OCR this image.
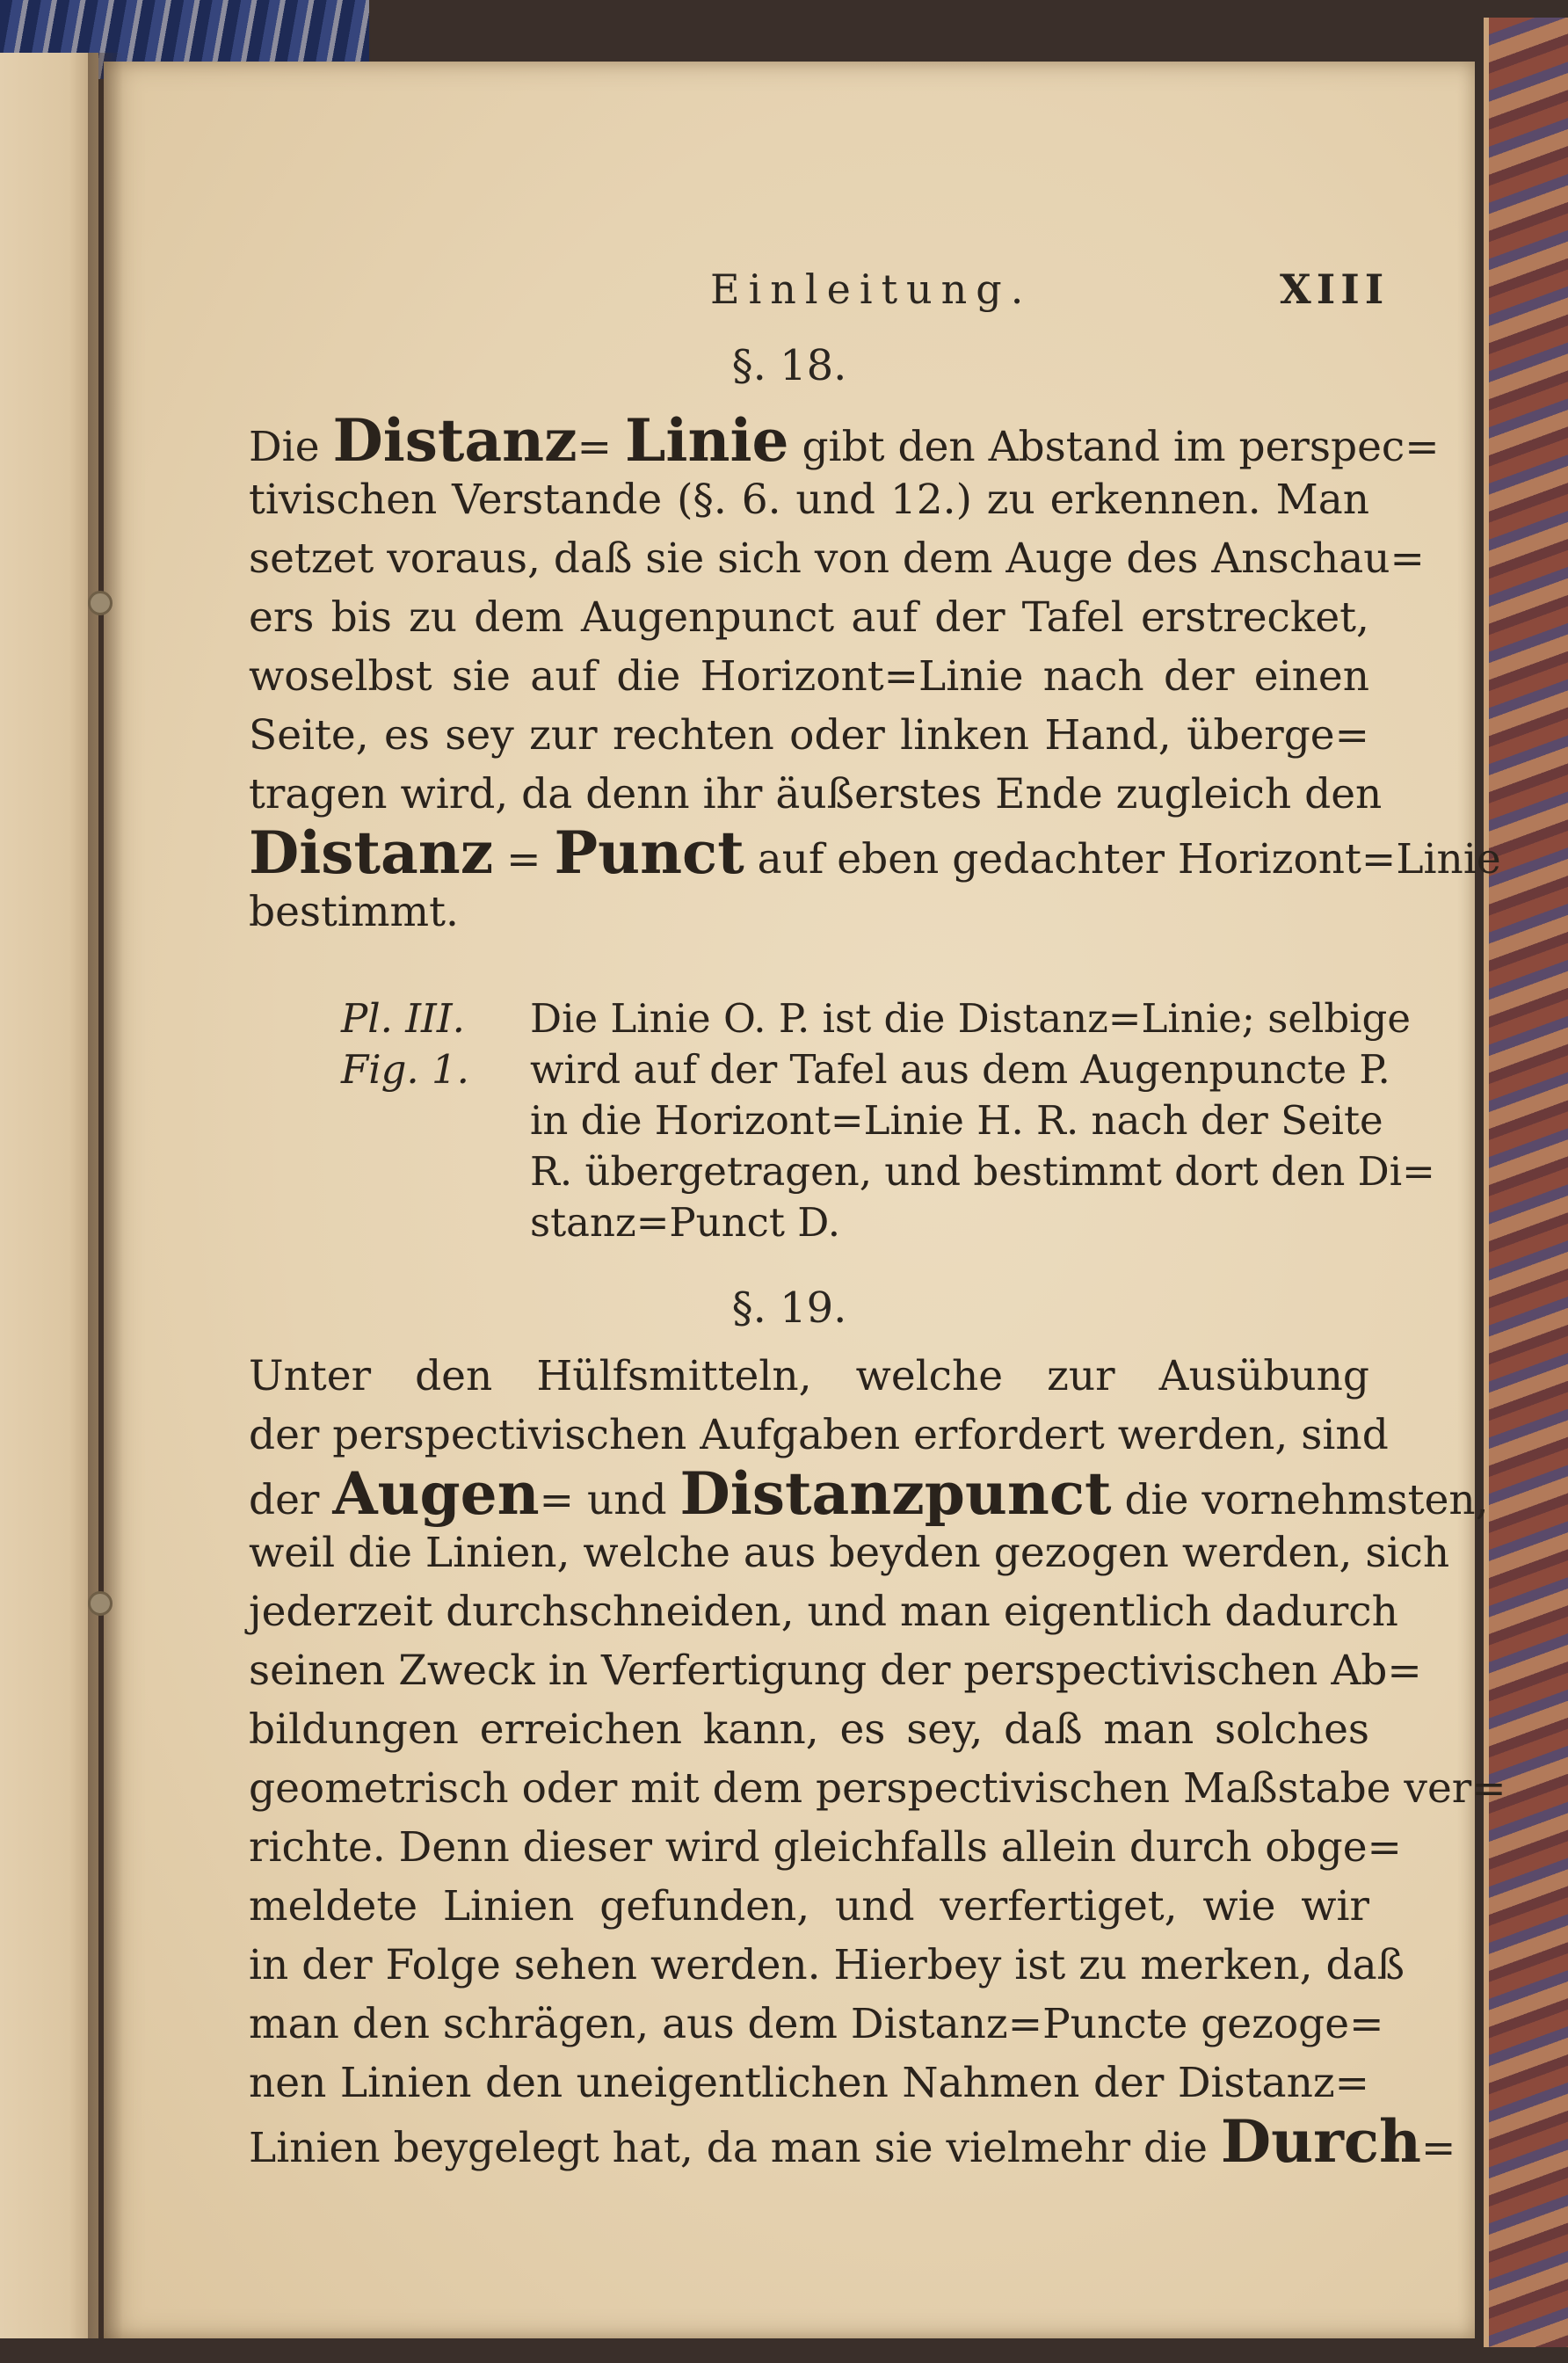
Einleitung.	XIII
§. 18.
Die Distanz= Linie gibt den Abstand im perspec=
tivischen Verstande (§. 6. und 12.) zu erkennen. Man
setzet voraus, daß sie sich von dem Auge des Anschau=
ers bis zu dem Augenpunct auf der Tafel erstrecket,
woselbst sie auf die Horizont=Linie nach der einen
Seite, es sey zur rechten oder linken Hand, überge=
tragen wird, da denn ihr äußerstes Ende zugleich den
Distanz = Punct auf eben gedachter Horizont=Linie
bestimmt.
Pl. III.
Fig. 1.
Die Linie O. P. ist die Distanz=Linie; selbige
wird auf der Tafel aus dem Augenpuncte P.
in die Horizont=Linie H. R. nach der Seite
R. übergetragen, und bestimmt dort den Di=
stanz=Punct D.
§. 19.
Unter den Hülfsmitteln, welche zur Ausübung
der perspectivischen Aufgaben erfordert werden, sind
der Augen= und Distanzpunct die vornehmsten,
weil die Linien, welche aus beyden gezogen werden, sich
jederzeit durchschneiden, und man eigentlich dadurch
seinen Zweck in Verfertigung der perspectivischen Ab=
bildungen erreichen kann, es sey, daß man solches
geometrisch oder mit dem perspectivischen Maßstabe ver=
richte. Denn dieser wird gleichfalls allein durch obge=
meldete Linien gefunden, und verfertiget, wie wir
in der Folge sehen werden. Hierbey ist zu merken, daß
man den schrägen, aus dem Distanz=Puncte gezoge=
nen Linien den uneigentlichen Nahmen der Distanz=
Linien beygelegt hat, da man sie vielmehr die Durch=
